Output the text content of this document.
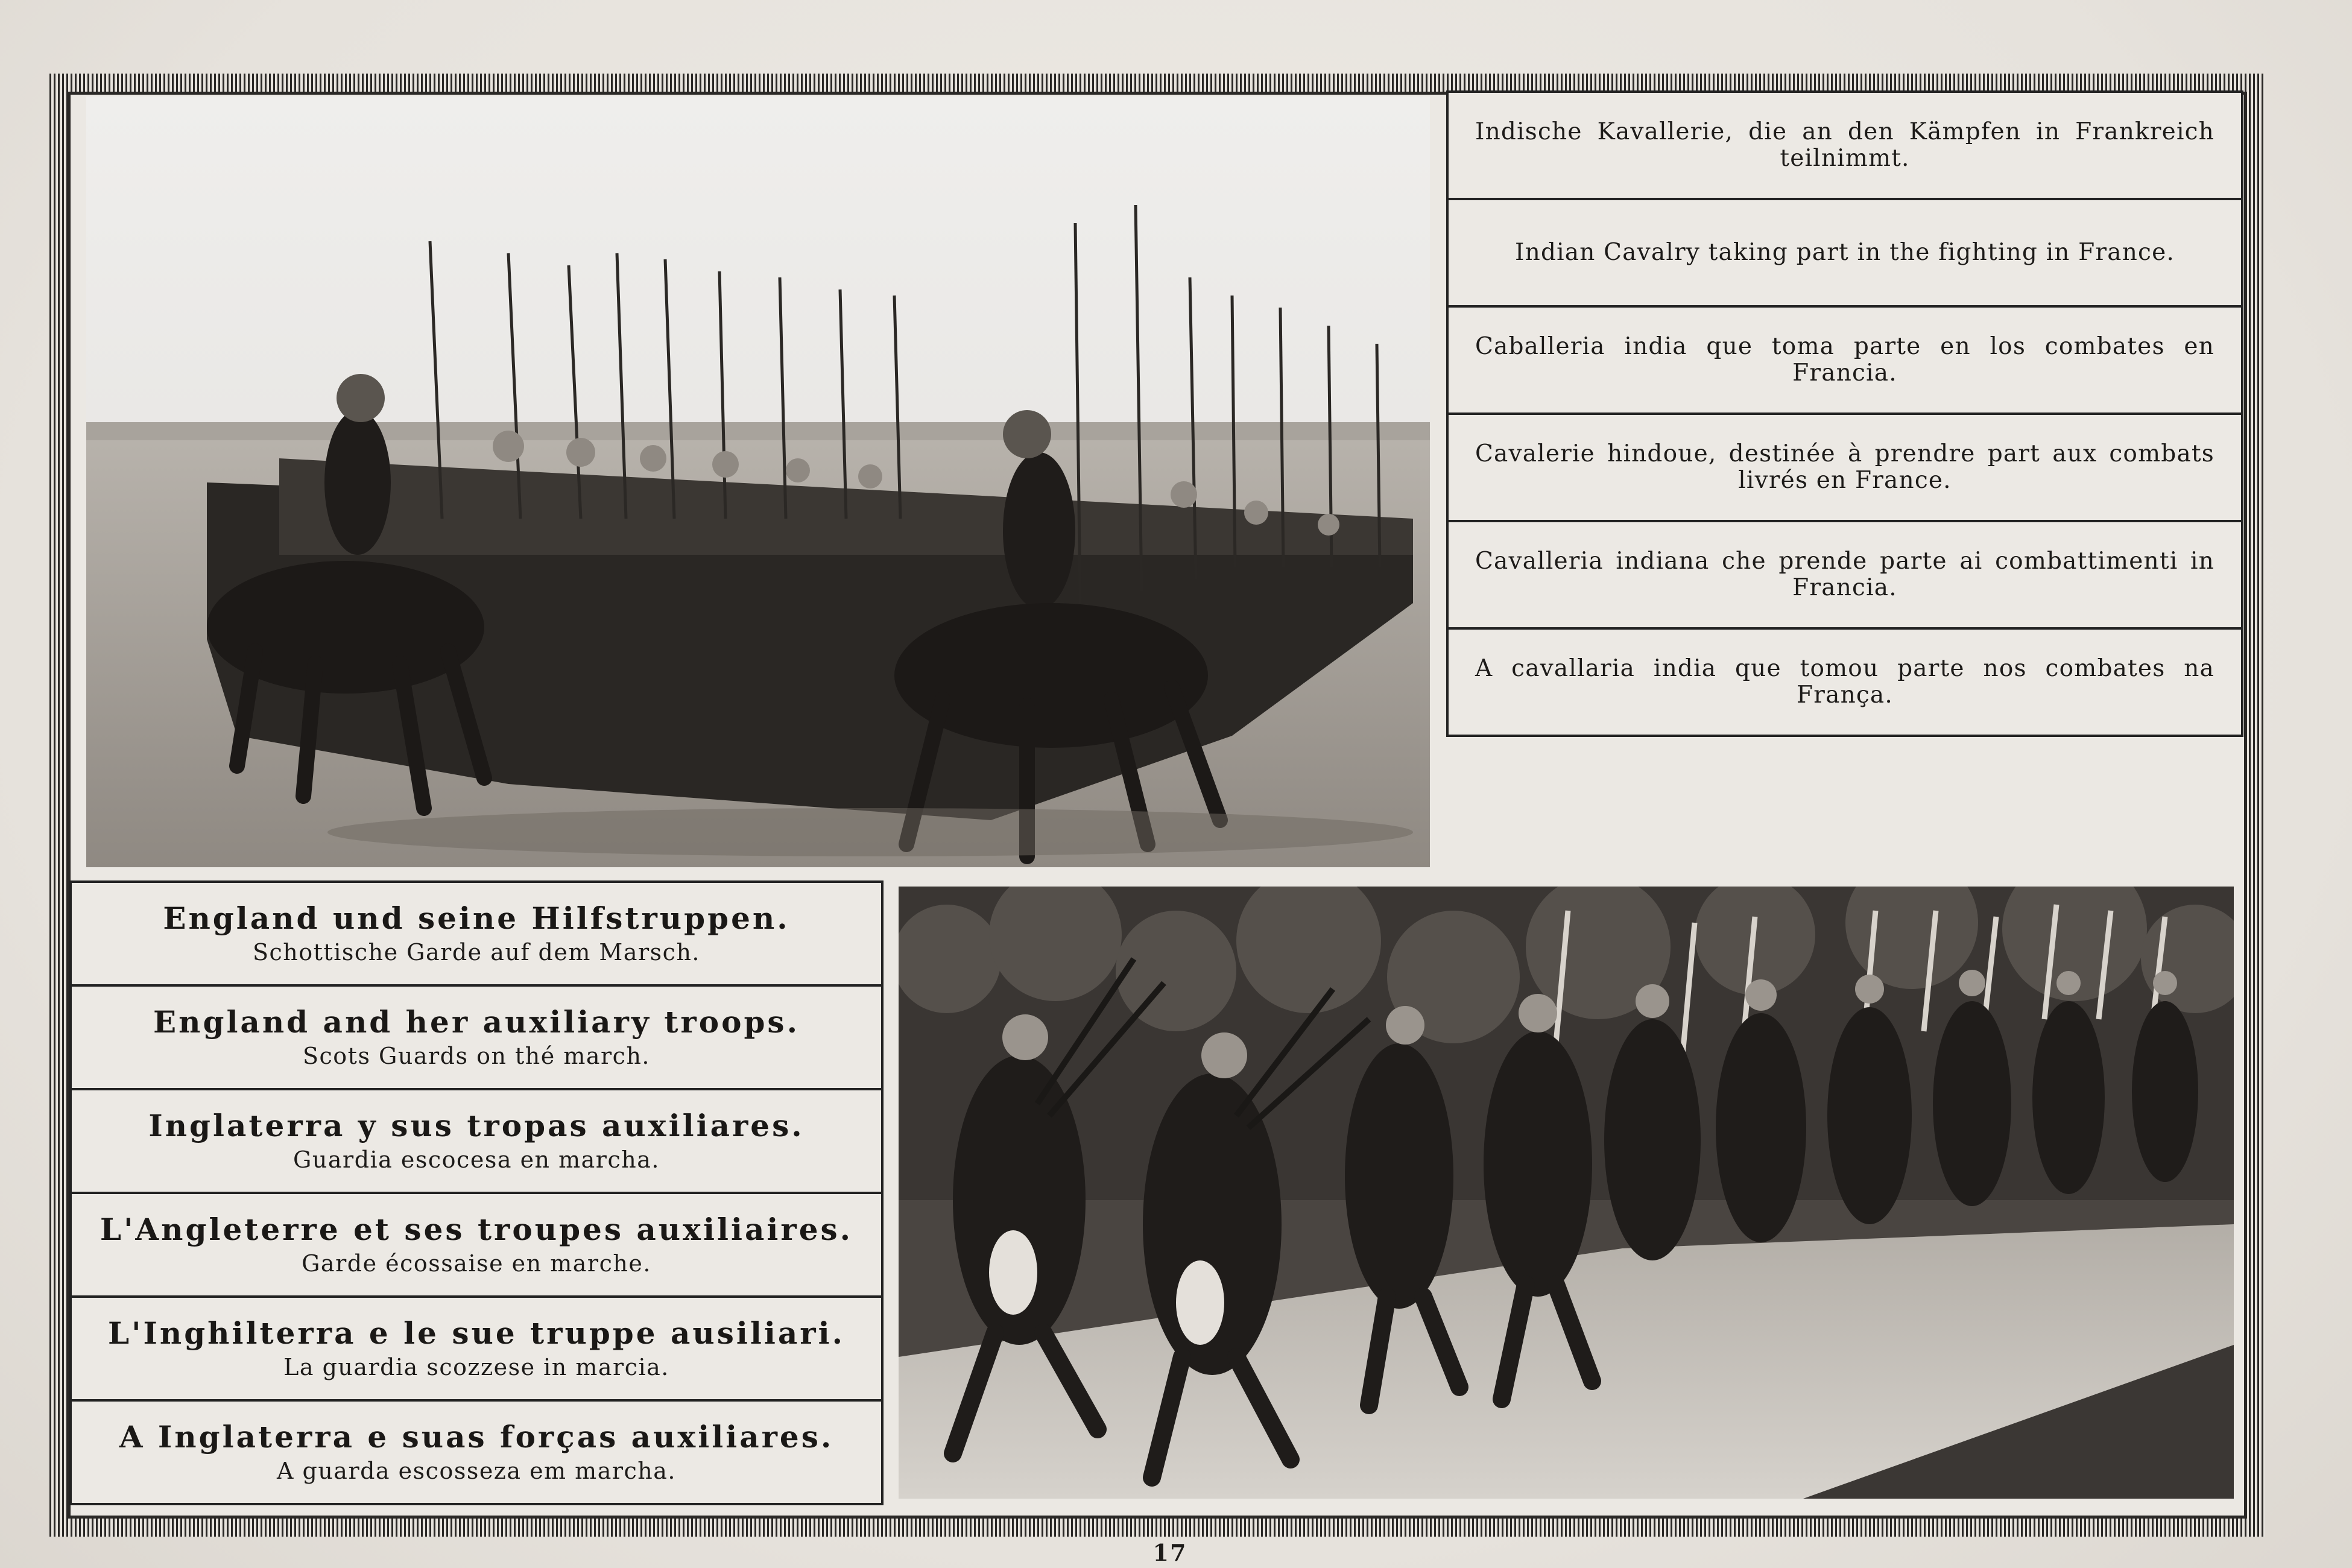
Indische Kavallerie, die an den Kämpfen in Frankreich teilnimmt.
Indian Cavalry taking part in the fighting in France.
Caballeria india que toma parte en los combates en Francia.
Cavalerie hindoue, destinée à prendre part aux combats livrés en France.
Cavalleria indiana che prende parte ai combattimenti in Francia.
A cavallaria india que tomou parte nos combates na França.
England und seine Hilfstruppen.
Schottische Garde auf dem Marsch.
England and her auxiliary troops.
Scots Guards on thé march.
Inglaterra y sus tropas auxiliares.
Guardia escocesa en marcha.
L'Angleterre et ses troupes auxiliaires.
Garde écossaise en marche.
L'Inghilterra e le sue truppe ausiliari.
La guardia scozzese in marcia.
A Inglaterra e suas forças auxiliares.
A guarda escosseza em marcha.
17
